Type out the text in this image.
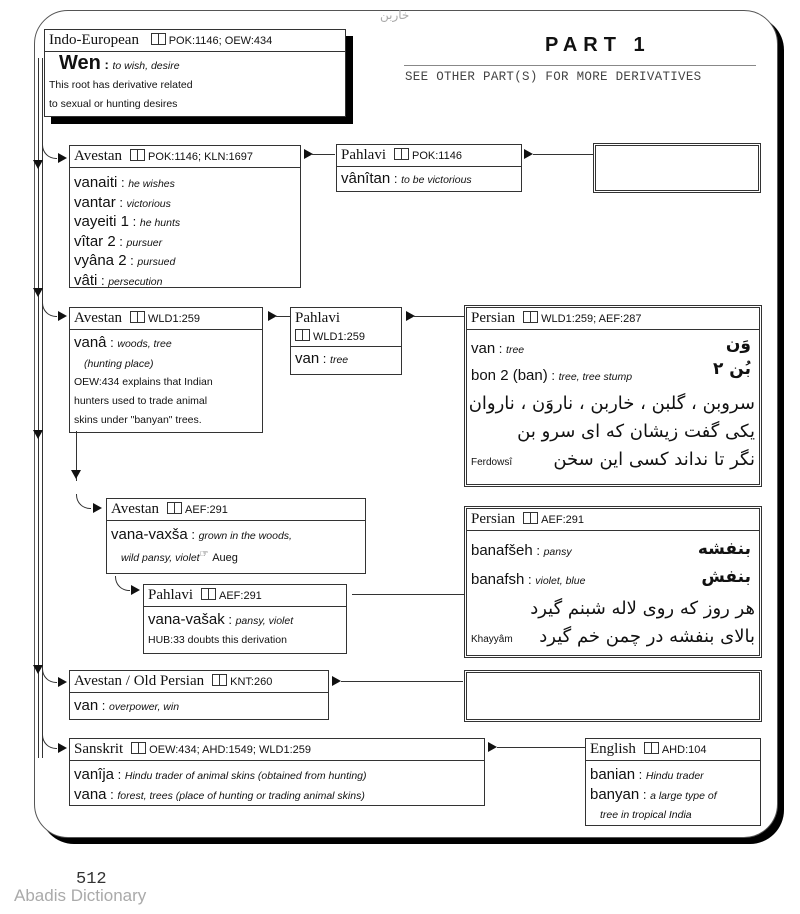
خاربن
PART 1
SEE OTHER PART(S) FOR MORE DERIVATIVES
Indo-European	POK:1146; OEW:434
Wen : to wish, desire
This root has derivative related
to sexual or hunting desires
Avestan POK:1146; KLN:1697
vanaiti : he wishes
vantar : victorious
vayeiti 1 : he hunts
vîtar 2 : pursuer
vyâna 2 : pursued
vâti : persecution
Pahlavi POK:1146
vânîtan : to be victorious
Avestan WLD1:259
vanâ : woods, tree
(hunting place)
OEW:434 explains that Indian
hunters used to trade animal
skins under "banyan" trees.
Pahlavi
WLD1:259
van : tree
Persian WLD1:259; AEF:287
van : tree	وَن
bon 2 (ban) : tree, tree stump	بُن ۲
سروبن ، گلبن ، خاربن ، ناروَن ، ناروان
یکی گفت زیشان که ای سرو بن
نگر تا نداند کسی این سخن
Ferdowsî
Avestan AEF:291
vana-vaxša : grown in the woods,
wild pansy, violet☞ Aueg
Pahlavi AEF:291
vana-vašak : pansy, violet
HUB:33 doubts this derivation
Persian AEF:291
banafšeh : pansy	بنفشه
banafsh : violet, blue	بنفش
هر روز که روی لاله شبنم گیرد
بالای بنفشه در چمن خم گیرد
Khayyâm
Avestan / Old Persian KNT:260
van : overpower, win
Sanskrit OEW:434; AHD:1549; WLD1:259
vanîja : Hindu trader of animal skins (obtained from hunting)
vana : forest, trees (place of hunting or trading animal skins)
English AHD:104
banian : Hindu trader
banyan : a large type of
tree in tropical India
512
Abadis Dictionary
